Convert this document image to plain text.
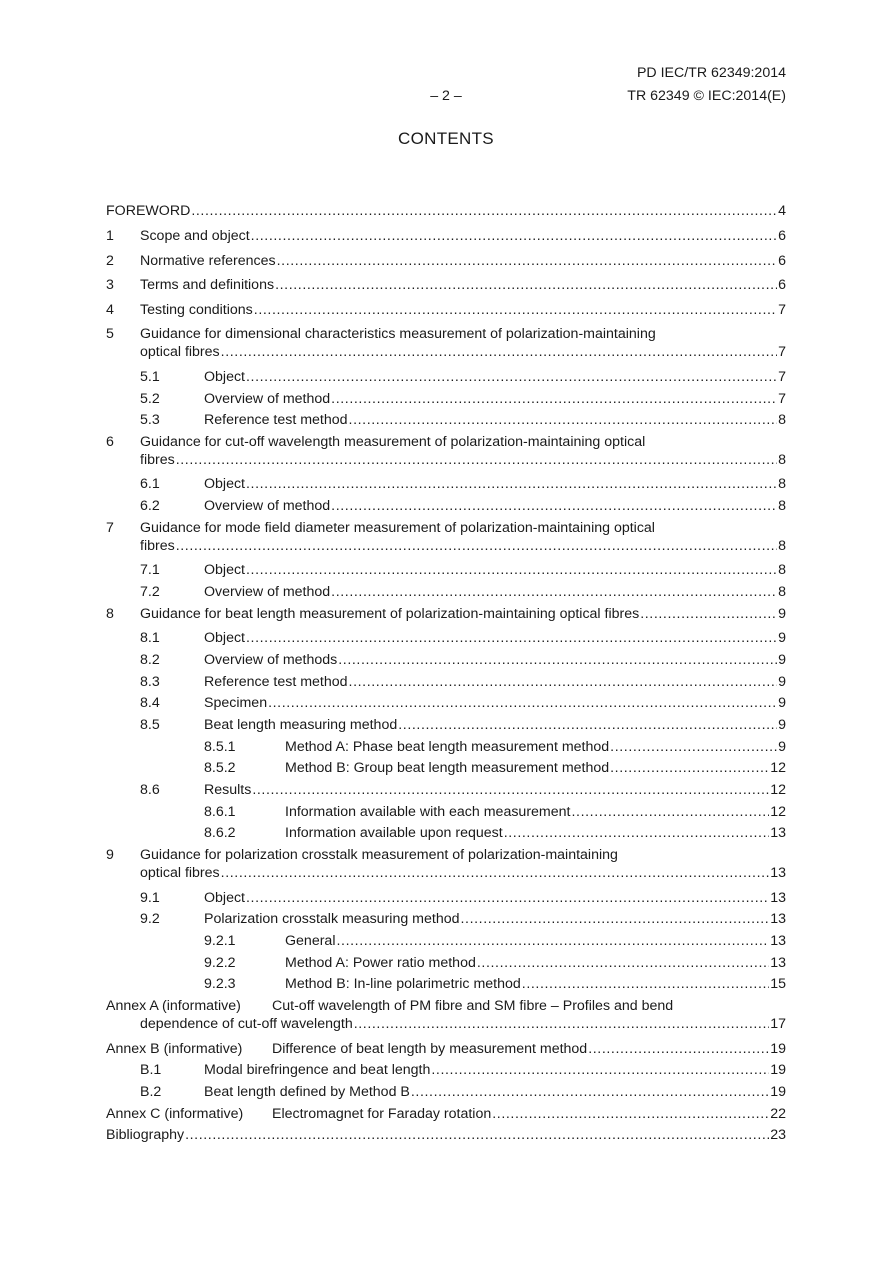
PD IEC/TR 62349:2014
– 2 –	TR 62349 © IEC:2014(E)
CONTENTS
FOREWORD .....	4
1	Scope and object .....	6
2	Normative references .....	6
3	Terms and definitions .....	6
4	Testing conditions .....	7
5	Guidance for dimensional characteristics measurement of polarization-maintaining
optical fibres .....	7
5.1	Object .....	7
5.2	Overview of method .....	7
5.3	Reference test method .....	8
6	Guidance for cut-off wavelength measurement of polarization-maintaining optical
fibres .....	8
6.1	Object .....	8
6.2	Overview of method .....	8
7	Guidance for mode field diameter measurement of polarization-maintaining optical
fibres .....	8
7.1	Object .....	8
7.2	Overview of method .....	8
8	Guidance for beat length measurement of polarization-maintaining optical fibres .....	9
8.1	Object .....	9
8.2	Overview of methods .....	9
8.3	Reference test method .....	9
8.4	Specimen .....	9
8.5	Beat length measuring method .....	9
8.5.1	Method A: Phase beat length measurement method .....	9
8.5.2	Method B: Group beat length measurement method .....	12
8.6	Results .....	12
8.6.1	Information available with each measurement .....	12
8.6.2	Information available upon request .....	13
9	Guidance for polarization crosstalk measurement of polarization-maintaining
optical fibres .....	13
9.1	Object .....	13
9.2	Polarization crosstalk measuring method .....	13
9.2.1	General .....	13
9.2.2	Method A: Power ratio method .....	13
9.2.3	Method B: In-line polarimetric method .....	15
Annex A (informative)	Cut-off wavelength of PM fibre and SM fibre – Profiles and bend
dependence of cut-off wavelength .....	17
Annex B (informative)	Difference of beat length by measurement method .....	19
B.1	Modal birefringence and beat length .....	19
B.2	Beat length defined by Method B .....	19
Annex C (informative)	Electromagnet for Faraday rotation .....	22
Bibliography .....	23
